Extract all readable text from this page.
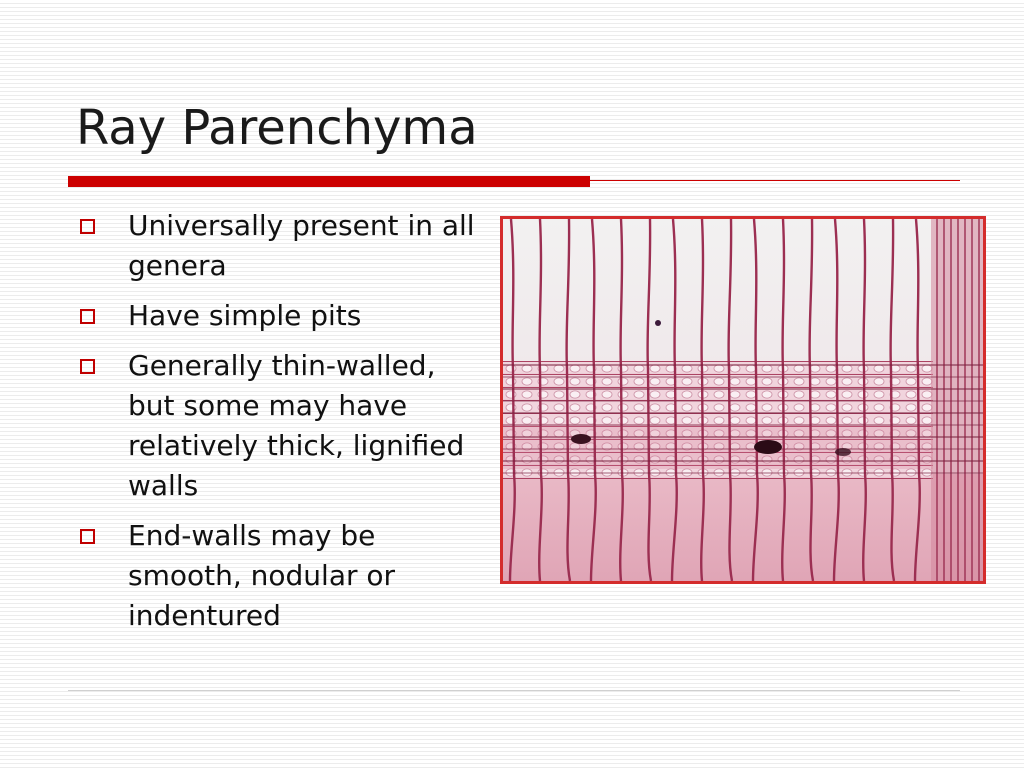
Ray Parenchyma
Universally present in all genera
Have simple pits
Generally thin-walled, but some may have relatively thick, lignified walls
End-walls may be smooth, nodular or indentured
